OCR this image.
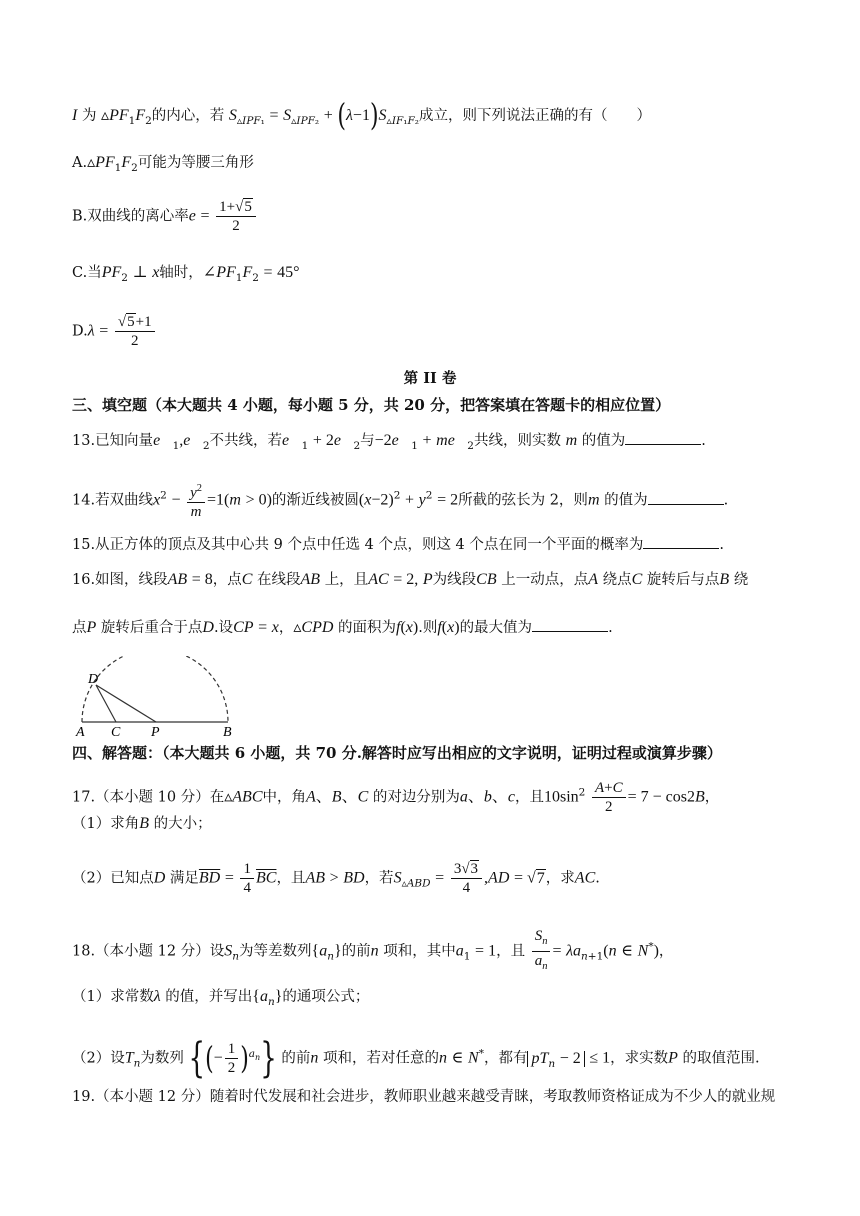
I 为 $▵PF_1F_2$的内心，若 $S_{▵IPF_1} = S_{▵IPF_2} + (\lambda-1)S_{▵IF_1F_2}$成立，则下列说法正确的有（　　）
$A.▵PF_1F_2$可能为等腰三角形
B.双曲线的离心率$e = \frac{1+√5}{2}$
C.当$PF_2$ ⊥ x轴时，$\angle PF_1F_2 = 45^\circ$
$D.\lambda = \frac{√5+1}{2}$
第 II 卷
三、填空题（本大题共 4 小题，每小题 5 分，共 20 分，把答案填在答题卡的相应位置）
13.已知向量$e⃗_1,e⃗_2$不共线，若$e⃗_1$ + $2e⃗_2$与$-2e⃗_1$ + $me⃗_2$共线，则实数 m 的值为	.
14.若双曲线$x^2 - \frac{y^2}{m} =1(m > 0)$的渐近线被圆$(x-2)^2 + y^2 = 2$所截的弦长为 2，则m 的值为	.
15.从正方体的顶点及其中心共 9 个点中任选 4 个点，则这 4 个点在同一个平面的概率为	.
16.如图，线段AB = 8，点C 在线段AB 上，且AC = 2, P为线段CB 上一动点，点A 绕点C 旋转后与点B 绕
点P 旋转后重合于点D.设CP = x，▵CPD 的面积为f(x).则f(x)的最大值为	.
D
A C P	B
四、解答题：（本大题共 6 小题，共 70 分.解答时应写出相应的文字说明，证明过程或演算步骤）
17.（本小题 10 分）在▵ABC中，角A、B、C 的对边分别为a、b、c，且$10\sin^2 \frac{A+C}{2} = 7 - \cos 2B$，
（1）求角B 的大小；
（2）已知点D 满足$\overline{BD} = \frac{1}{4} \overline{BC}$，且AB > BD，若$S_{▵ABD} = \frac{3√3}{4} ,AD = √7$，求AC.
18.（本小题 12 分）设$S_n$为等差数列$\{a_n\}$的前n 项和，其中$a_1 = 1$，且 $\frac{S_n}{a_n} = \lambda a_{n+1}(n$ ∈ N*)，
（1）求常数λ 的值，并写出$\{a_n\}$的通项公式；
（2）设$T_n$为数列 {(− $\frac{1}{2} )^{a_n}$} 的前n 项和，若对任意的n ∈ N*，都有 $pT_n - 2 \le 1$，求实数P 的取值范围.
19.（本小题 12 分）随着时代发展和社会进步，教师职业越来越受青睐，考取教师资格证成为不少人的就业规
